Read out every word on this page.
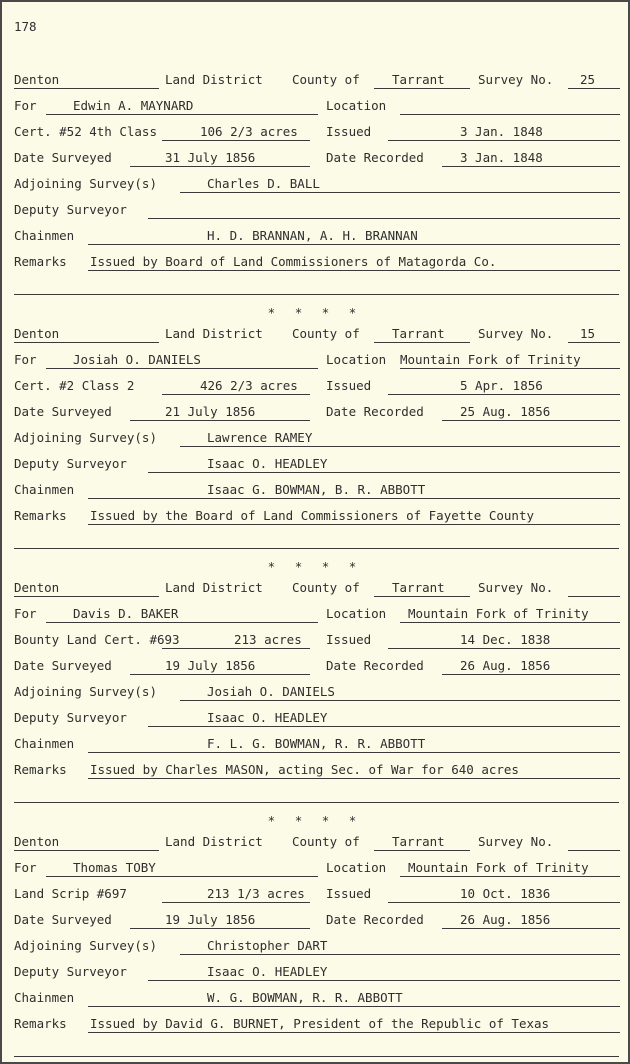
178
Denton	Land District County of	Tarrant	Survey No. 25
For	Edwin A. MAYNARD	Location
Cert. #52 4th Class	106 2/3 acres Issued	3 Jan. 1848
Date Surveyed	31 July 1856	Date Recorded	3 Jan. 1848
Adjoining Survey(s)	Charles D. BALL
Deputy Surveyor
Chainmen	H. D. BRANNAN, A. H. BRANNAN
Remarks Issued by Board of Land Commissioners of Matagorda Co.
* * * *
Denton	Land District County of	Tarrant	Survey No. 15
For	Josiah O. DANIELS	Location Mountain Fork of Trinity
Cert. #2 Class 2	426 2/3 acres Issued	5 Apr. 1856
Date Surveyed	21 July 1856	Date Recorded	25 Aug. 1856
Adjoining Survey(s)	Lawrence RAMEY
Deputy Surveyor	Isaac O. HEADLEY
Chainmen	Isaac G. BOWMAN, B. R. ABBOTT
Remarks Issued by the Board of Land Commissioners of Fayette County
* * * *
Denton	Land District County of	Tarrant	Survey No.
For	Davis D. BAKER	Location Mountain Fork of Trinity
Bounty Land Cert. #693	213 acres Issued	14 Dec. 1838
Date Surveyed	19 July 1856	Date Recorded	26 Aug. 1856
Adjoining Survey(s)	Josiah O. DANIELS
Deputy Surveyor	Isaac O. HEADLEY
Chainmen	F. L. G. BOWMAN, R. R. ABBOTT
Remarks Issued by Charles MASON, acting Sec. of War for 640 acres
* * * *
Denton	Land District County of	Tarrant	Survey No.
For	Thomas TOBY	Location Mountain Fork of Trinity
Land Scrip #697	213 1/3 acres Issued	10 Oct. 1836
Date Surveyed	19 July 1856	Date Recorded	26 Aug. 1856
Adjoining Survey(s)	Christopher DART
Deputy Surveyor	Isaac O. HEADLEY
Chainmen	W. G. BOWMAN, R. R. ABBOTT
Remarks Issued by David G. BURNET, President of the Republic of Texas
